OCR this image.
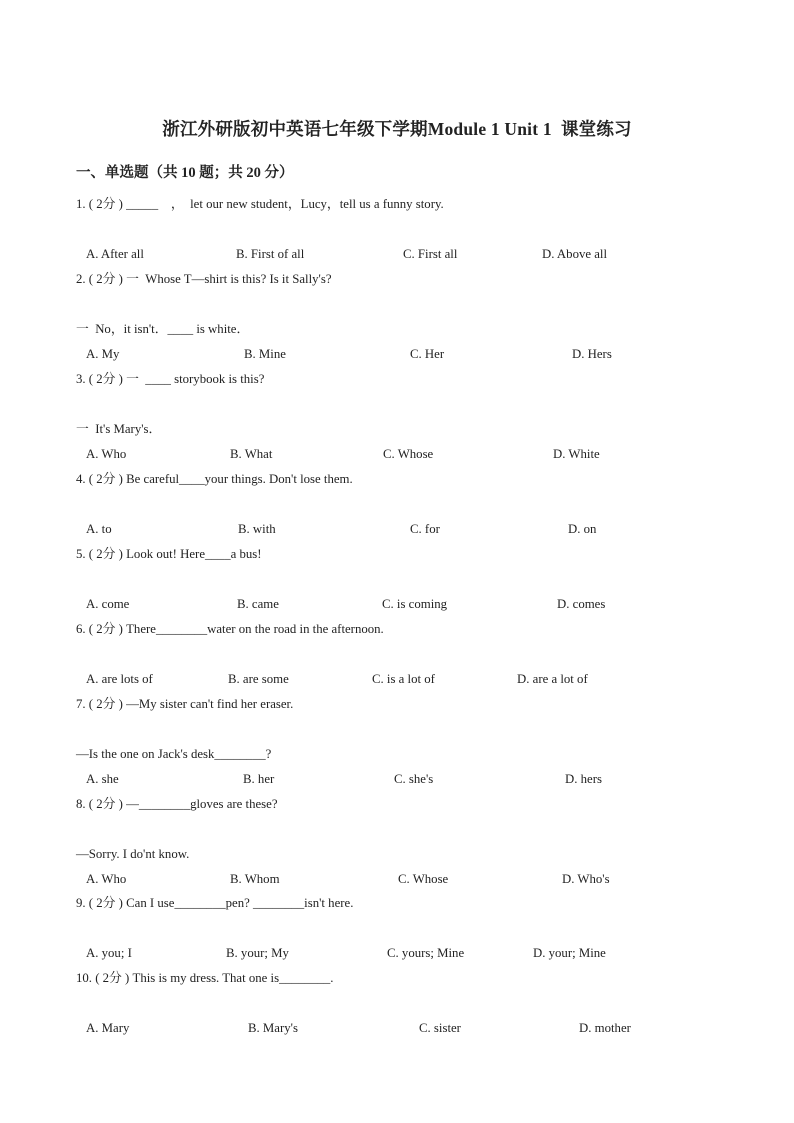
浙江外研版初中英语七年级下学期Module 1 Unit 1  课堂练习
一、单选题（共 10 题；共 20 分）
1. ( 2分 ) _____    ，  let our new student，Lucy，tell us a funny story.
A. After all	B. First of all	C. First all	D. Above all
2. ( 2分 ) 一  Whose T—shirt is this? Is it Sally's?
一  No，it isn't．____ is white．
A. My	B. Mine	C. Her	D. Hers
3. ( 2分 ) 一  ____ storybook is this?
一  It's Mary's．
A. Who	B. What	C. Whose	D. White
4. ( 2分 ) Be careful____your things. Don't lose them.
A. to	B. with	C. for	D. on
5. ( 2分 ) Look out! Here____a bus!
A. come	B. came	C. is coming	D. comes
6. ( 2分 ) There________water on the road in the afternoon.
A. are lots of	B. are some	C. is a lot of	D. are a lot of
7. ( 2分 ) —My sister can't find her eraser.
—Is the one on Jack's desk________?
A. she	B. her	C. she's	D. hers
8. ( 2分 ) —________gloves are these?
—Sorry. I do'nt know.
A. Who	B. Whom	C. Whose	D. Who's
9. ( 2分 ) Can I use________pen? ________isn't here.
A. you; I	B. your; My	C. yours; Mine	D. your; Mine
10. ( 2分 ) This is my dress. That one is________.
A. Mary	B. Mary's	C. sister	D. mother
